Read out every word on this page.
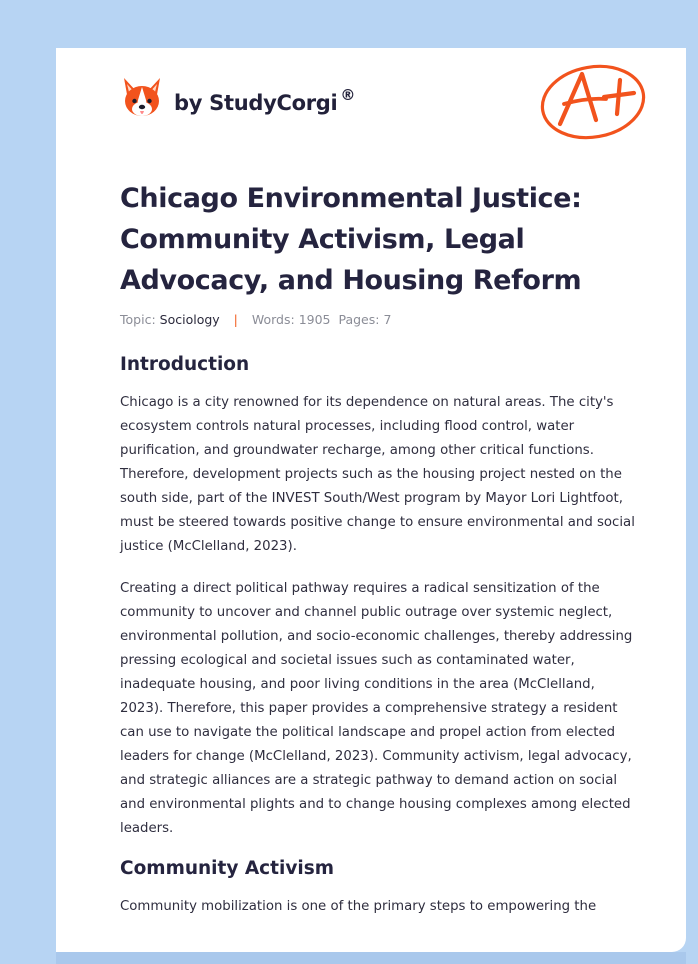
by StudyCorgi ®
Chicago Environmental Justice: Community Activism, Legal Advocacy, and Housing Reform
Topic: Sociology | Words: 1905 Pages: 7
Introduction

Chicago is a city renowned for its dependence on natural areas. The city's ecosystem controls natural processes, including flood control, water purification, and groundwater recharge, among other critical functions. Therefore, development projects such as the housing project nested on the south side, part of the INVEST South/West program by Mayor Lori Lightfoot, must be steered towards positive change to ensure environmental and social justice (McClelland, 2023).

Creating a direct political pathway requires a radical sensitization of the community to uncover and channel public outrage over systemic neglect, environmental pollution, and socio-economic challenges, thereby addressing pressing ecological and societal issues such as contaminated water, inadequate housing, and poor living conditions in the area (McClelland, 2023). Therefore, this paper provides a comprehensive strategy a resident can use to navigate the political landscape and propel action from elected leaders for change (McClelland, 2023). Community activism, legal advocacy, and strategic alliances are a strategic pathway to demand action on social and environmental plights and to change housing complexes among elected leaders.

Community Activism

Community mobilization is one of the primary steps to empowering the
